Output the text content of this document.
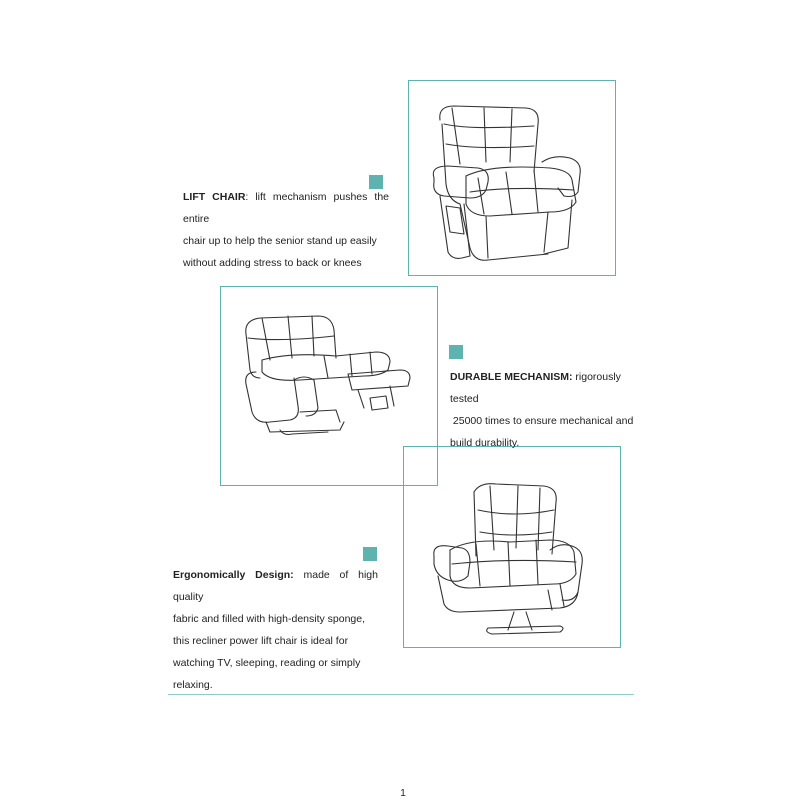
LIFT CHAIR: lift mechanism pushes the entire
chair up to help the senior stand up easily
without adding stress to back or knees
DURABLE MECHANISM: rigorously tested
25000 times to ensure mechanical and
build durability.
Ergonomically Design: made of high quality
fabric and filled with high-density sponge,
this recliner power lift chair is ideal for
watching TV, sleeping, reading or simply
relaxing.
1
